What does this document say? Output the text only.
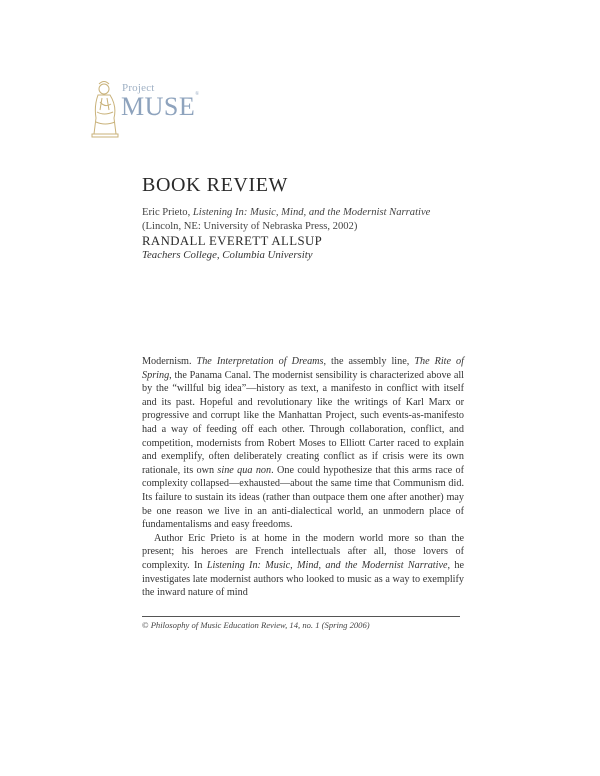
Project
MUSE®
BOOK REVIEW
Eric Prieto, Listening In: Music, Mind, and the Modernist Narrative (Lincoln, NE: University of Nebraska Press, 2002)
RANDALL EVERETT ALLSUP
Teachers College, Columbia University

Modernism. The Interpretation of Dreams, the assembly line, The Rite of Spring, the Panama Canal. The modernist sensibility is characterized above all by the “willful big idea”—history as text, a manifesto in conflict with itself and its past. Hopeful and revolutionary like the writings of Karl Marx or progressive and corrupt like the Manhattan Project, such events-as-manifesto had a way of feeding off each other. Through collaboration, conflict, and competition, modernists from Robert Moses to Elliott Carter raced to explain and exemplify, often deliberately creating conflict as if crisis were its own rationale, its own sine qua non. One could hypothesize that this arms race of complexity collapsed—exhausted—about the same time that Communism did. Its failure to sustain its ideas (rather than outpace them one after another) may be one reason we live in an anti-dialectical world, an unmodern place of fundamentalisms and easy freedoms.

Author Eric Prieto is at home in the modern world more so than the present; his heroes are French intellectuals after all, those lovers of complexity. In Listening In: Music, Mind, and the Modernist Narrative, he investigates late modernist authors who looked to music as a way to exemplify the inward nature of mind

© Philosophy of Music Education Review, 14, no. 1 (Spring 2006)
